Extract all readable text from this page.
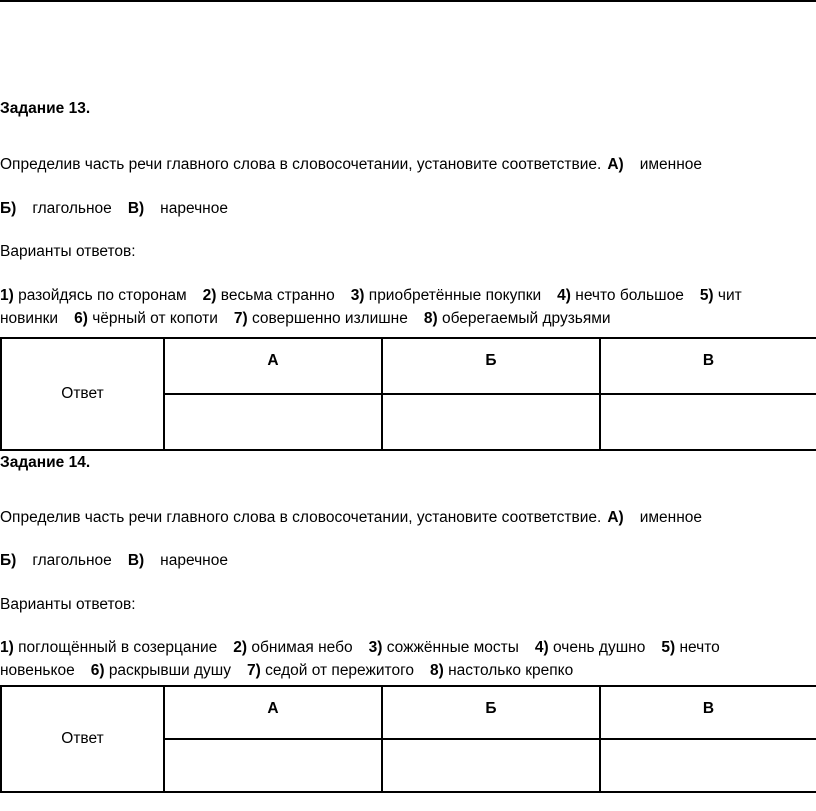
Задание 13.
Определив часть речи главного слова в словосочетании, установите соответствие. А) именное
Б) глагольное В) наречное
Варианты ответов:
1) разойдясь по сторонам 2) весьма странно 3) приобретённые покупки 4) нечто большое 5) чит
новинки 6) чёрный от копоти 7) совершенно излишне 8) оберегаемый друзьями
Ответ	А	Б	В

Задание 14.
Определив часть речи главного слова в словосочетании, установите соответствие. А) именное
Б) глагольное В) наречное
Варианты ответов:
1) поглощённый в созерцание 2) обнимая небо 3) сожжённые мосты 4) очень душно 5) нечто
новенькое 6) раскрывши душу 7) седой от пережитого 8) настолько крепко
Ответ	А	Б	В
